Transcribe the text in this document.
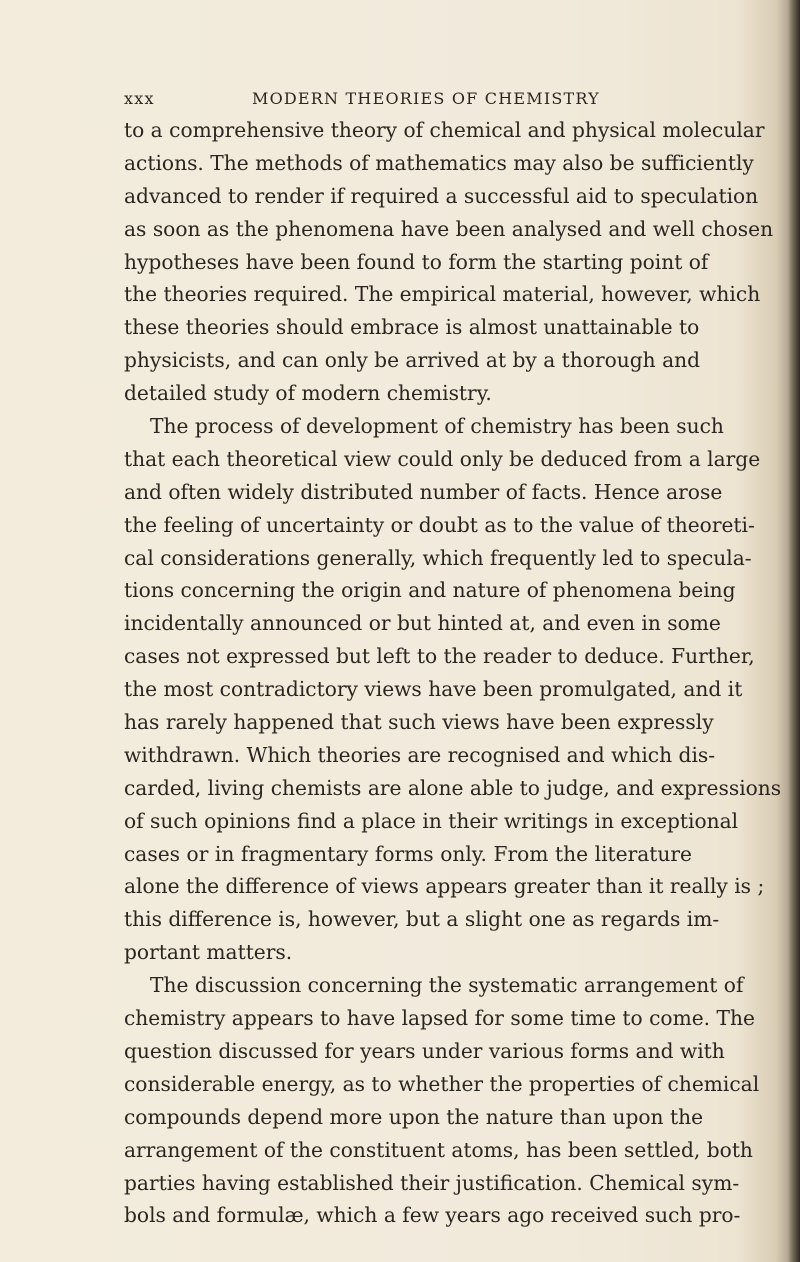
xxx	MODERN THEORIES OF CHEMISTRY
to a comprehensive theory of chemical and physical molecular
actions. The methods of mathematics may also be sufficiently
advanced to render if required a successful aid to speculation
as soon as the phenomena have been analysed and well chosen
hypotheses have been found to form the starting point of
the theories required. The empirical material, however, which
these theories should embrace is almost unattainable to
physicists, and can only be arrived at by a thorough and
detailed study of modern chemistry.
The process of development of chemistry has been such
that each theoretical view could only be deduced from a large
and often widely distributed number of facts. Hence arose
the feeling of uncertainty or doubt as to the value of theoreti-
cal considerations generally, which frequently led to specula-
tions concerning the origin and nature of phenomena being
incidentally announced or but hinted at, and even in some
cases not expressed but left to the reader to deduce. Further,
the most contradictory views have been promulgated, and it
has rarely happened that such views have been expressly
withdrawn. Which theories are recognised and which dis-
carded, living chemists are alone able to judge, and expressions
of such opinions find a place in their writings in exceptional
cases or in fragmentary forms only. From the literature
alone the difference of views appears greater than it really is ;
this difference is, however, but a slight one as regards im-
portant matters.
The discussion concerning the systematic arrangement of
chemistry appears to have lapsed for some time to come. The
question discussed for years under various forms and with
considerable energy, as to whether the properties of chemical
compounds depend more upon the nature than upon the
arrangement of the constituent atoms, has been settled, both
parties having established their justification. Chemical sym-
bols and formulæ, which a few years ago received such pro-
